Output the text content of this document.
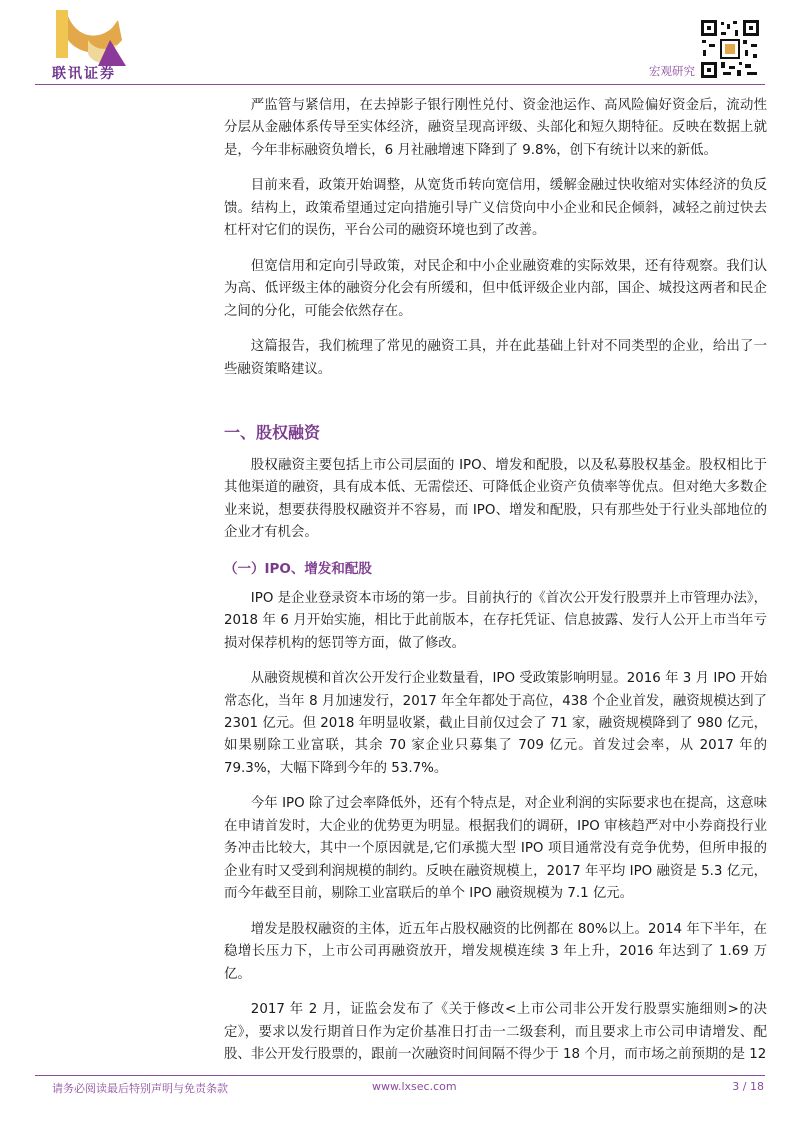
联讯证券	宏观研究

严监管与紧信用，在去掉影子银行刚性兑付、资金池运作、高风险偏好资金后，流动性分层从金融体系传导至实体经济，融资呈现高评级、头部化和短久期特征。反映在数据上就是，今年非标融资负增长，6 月社融增速下降到了 9.8%，创下有统计以来的新低。

目前来看，政策开始调整，从宽货币转向宽信用，缓解金融过快收缩对实体经济的负反馈。结构上，政策希望通过定向措施引导广义信贷向中小企业和民企倾斜，减轻之前过快去杠杆对它们的误伤，平台公司的融资环境也到了改善。

但宽信用和定向引导政策，对民企和中小企业融资难的实际效果，还有待观察。我们认为高、低评级主体的融资分化会有所缓和，但中低评级企业内部，国企、城投这两者和民企之间的分化，可能会依然存在。

这篇报告，我们梳理了常见的融资工具，并在此基础上针对不同类型的企业，给出了一些融资策略建议。

一、股权融资

股权融资主要包括上市公司层面的 IPO、增发和配股，以及私募股权基金。股权相比于其他渠道的融资，具有成本低、无需偿还、可降低企业资产负债率等优点。但对绝大多数企业来说，想要获得股权融资并不容易，而 IPO、增发和配股，只有那些处于行业头部地位的企业才有机会。

（一）IPO、增发和配股

IPO 是企业登录资本市场的第一步。目前执行的《首次公开发行股票并上市管理办法》，2018 年 6 月开始实施，相比于此前版本，在存托凭证、信息披露、发行人公开上市当年亏损对保荐机构的惩罚等方面，做了修改。

从融资规模和首次公开发行企业数量看，IPO 受政策影响明显。2016 年 3 月 IPO 开始常态化，当年 8 月加速发行，2017 年全年都处于高位，438 个企业首发，融资规模达到了 2301 亿元。但 2018 年明显收紧，截止目前仅过会了 71 家，融资规模降到了 980 亿元，如果剔除工业富联，其余 70 家企业只募集了 709 亿元。首发过会率，从 2017 年的 79.3%，大幅下降到今年的 53.7%。

今年 IPO 除了过会率降低外，还有个特点是，对企业利润的实际要求也在提高，这意味在申请首发时，大企业的优势更为明显。根据我们的调研，IPO 审核趋严对中小券商投行业务冲击比较大，其中一个原因就是,它们承揽大型 IPO 项目通常没有竞争优势，但所申报的企业有时又受到利润规模的制约。反映在融资规模上，2017 年平均 IPO 融资是 5.3 亿元，而今年截至目前，剔除工业富联后的单个 IPO 融资规模为 7.1 亿元。

增发是股权融资的主体，近五年占股权融资的比例都在 80%以上。2014 年下半年，在稳增长压力下，上市公司再融资放开，增发规模连续 3 年上升，2016 年达到了 1.69 万亿。

2017 年 2 月，证监会发布了《关于修改<上市公司非公开发行股票实施细则>的决定》，要求以发行期首日作为定价基准日打击一二级套利，而且要求上市公司申请增发、配股、非公开发行股票的，跟前一次融资时间间隔不得少于 18 个月，而市场之前预期的是 12

请务必阅读最后特别声明与免责条款	www.lxsec.com	3 / 18
